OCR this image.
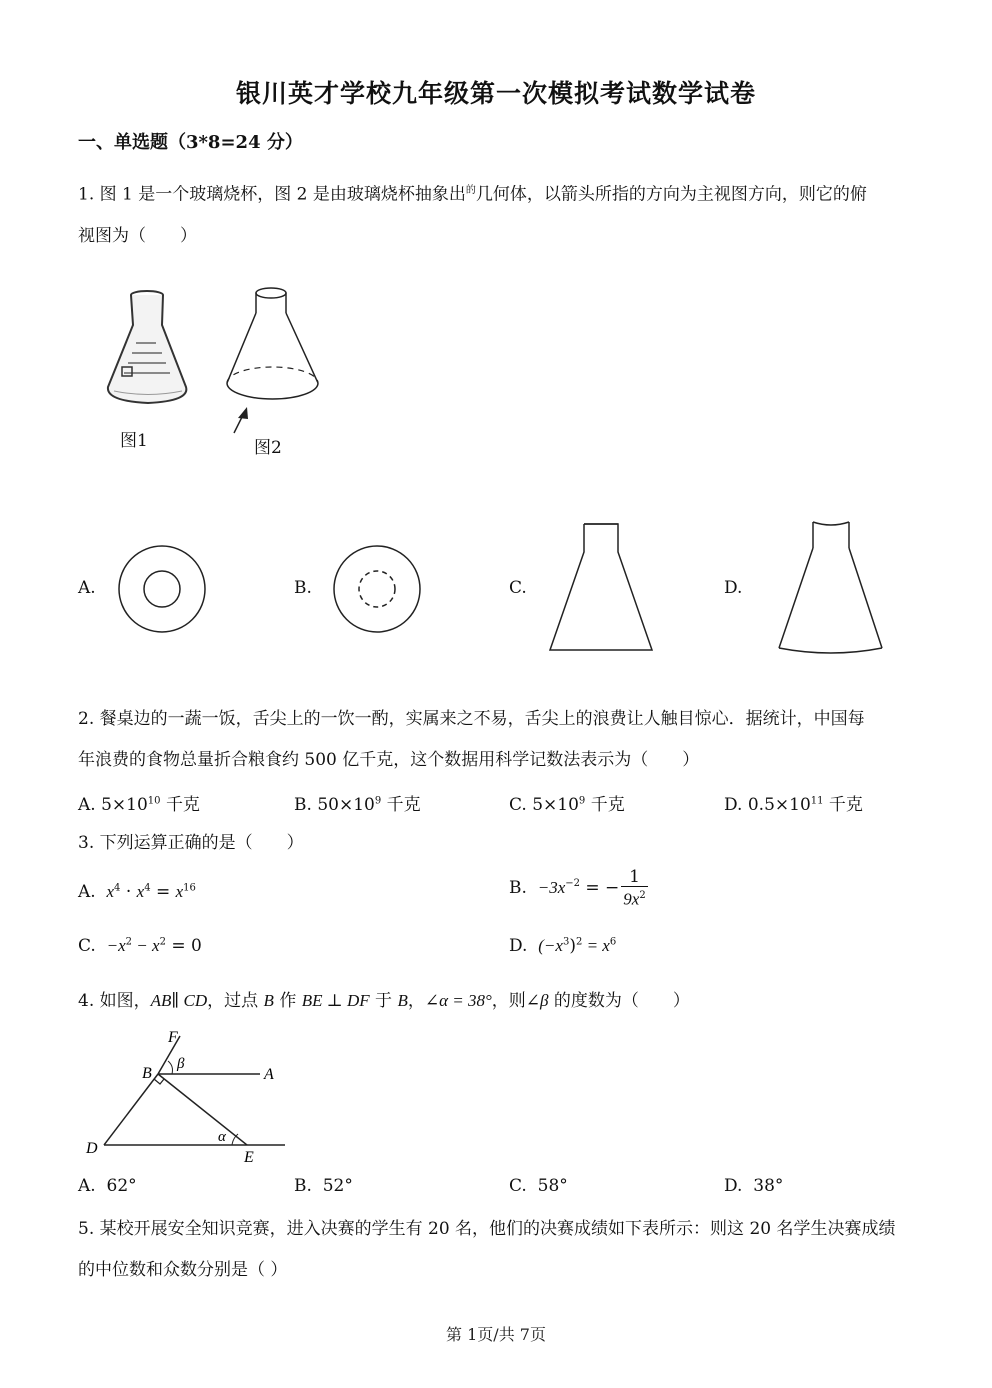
银川英才学校九年级第一次模拟考试数学试卷
一、单选题（3*8=24 分）
1. 图 1 是一个玻璃烧杯，图 2 是由玻璃烧杯抽象出$^的$几何体，以箭头所指的方向为主视图方向，则它的俯
视图为（　　）
图1	图2
A.	B.	C.	D.
2. 餐桌边的一蔬一饭，舌尖上的一饮一酌，实属来之不易，舌尖上的浪费让人触目惊心．据统计，中国每
年浪费的食物总量折合粮食约 500 亿千克，这个数据用科学记数法表示为（　　）
A. $5\times 10^{10}$ 千克	B. $50\times 10^9$ 千克	C. $5\times 10^9$ 千克	D. $0.5\times 10^{11}$ 千克
3. 下列运算正确的是（　　）
A. $x^4 \cdot x^4 = x^{16}$	B. $-3x^{-2}$ = − $\frac{1}{9x^2}$
C. $-x^2 - x^2 = 0$	D. $(-x^3)^2 = x^6$
4. 如图，AB∥ CD，过点 B 作 BE ⊥ DF 于 B，∠α = 38°，则∠β 的度数为（　　）
F
β
B	A
D
α
E
A. 62°	B. 52°	C. 58°	D. 38°
5. 某校开展安全知识竞赛，进入决赛的学生有 20 名，他们的决赛成绩如下表所示：则这 20 名学生决赛成绩
的中位数和众数分别是（ ）
第 1页/共 7页
